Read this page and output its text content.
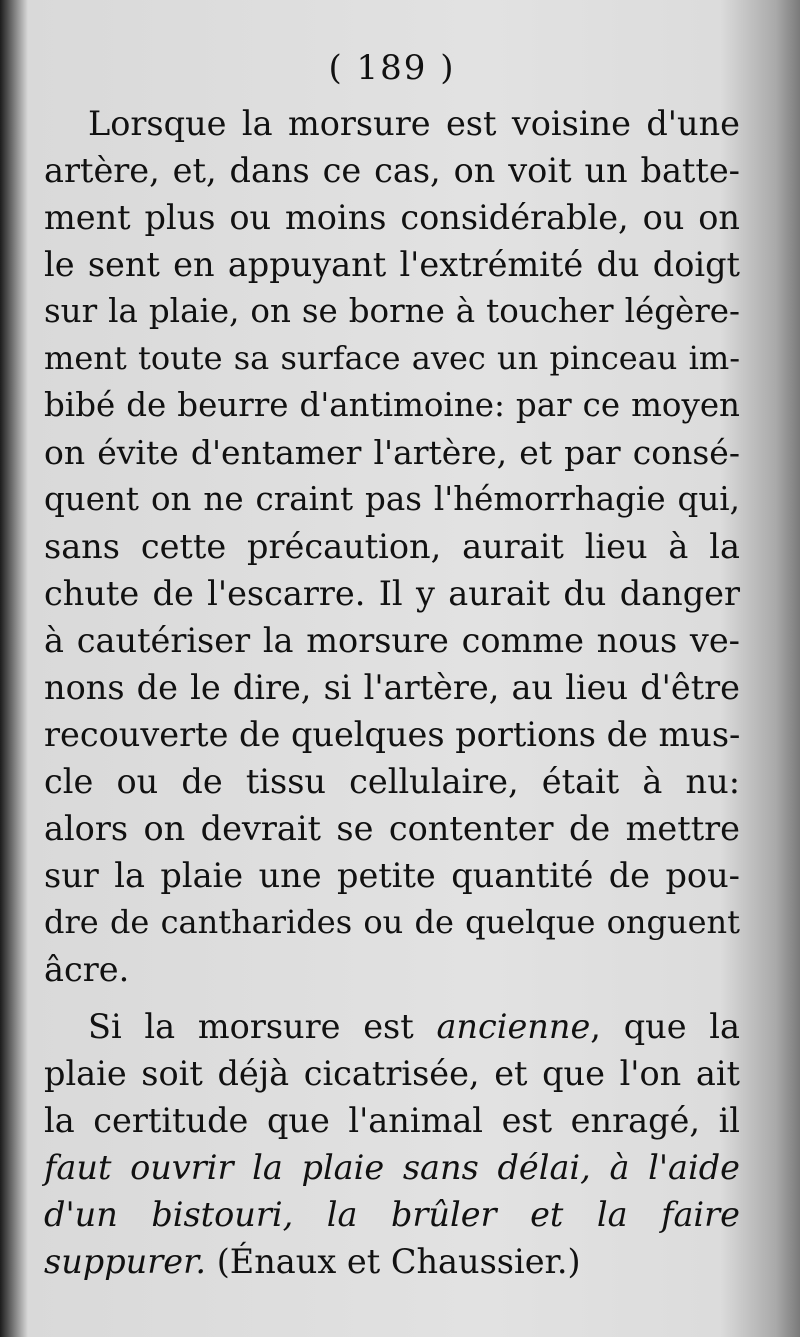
( 189 )
Lorsque la morsure est voisine d'une
artère, et, dans ce cas, on voit un batte-
ment plus ou moins considérable, ou on
le sent en appuyant l'extrémité du doigt
sur la plaie, on se borne à toucher légère-
ment toute sa surface avec un pinceau im-
bibé de beurre d'antimoine: par ce moyen
on évite d'entamer l'artère, et par consé-
quent on ne craint pas l'hémorrhagie qui,
sans cette précaution, aurait lieu à la
chute de l'escarre. Il y aurait du danger
à cautériser la morsure comme nous ve-
nons de le dire, si l'artère, au lieu d'être
recouverte de quelques portions de mus-
cle ou de tissu cellulaire, était à nu:
alors on devrait se contenter de mettre
sur la plaie une petite quantité de pou-
dre de cantharides ou de quelque onguent
âcre.
Si la morsure est ancienne, que la
plaie soit déjà cicatrisée, et que l'on ait
la certitude que l'animal est enragé, il
faut ouvrir la plaie sans délai, à l'aide
d'un bistouri, la brûler et la faire
suppurer. (Énaux et Chaussier.)
